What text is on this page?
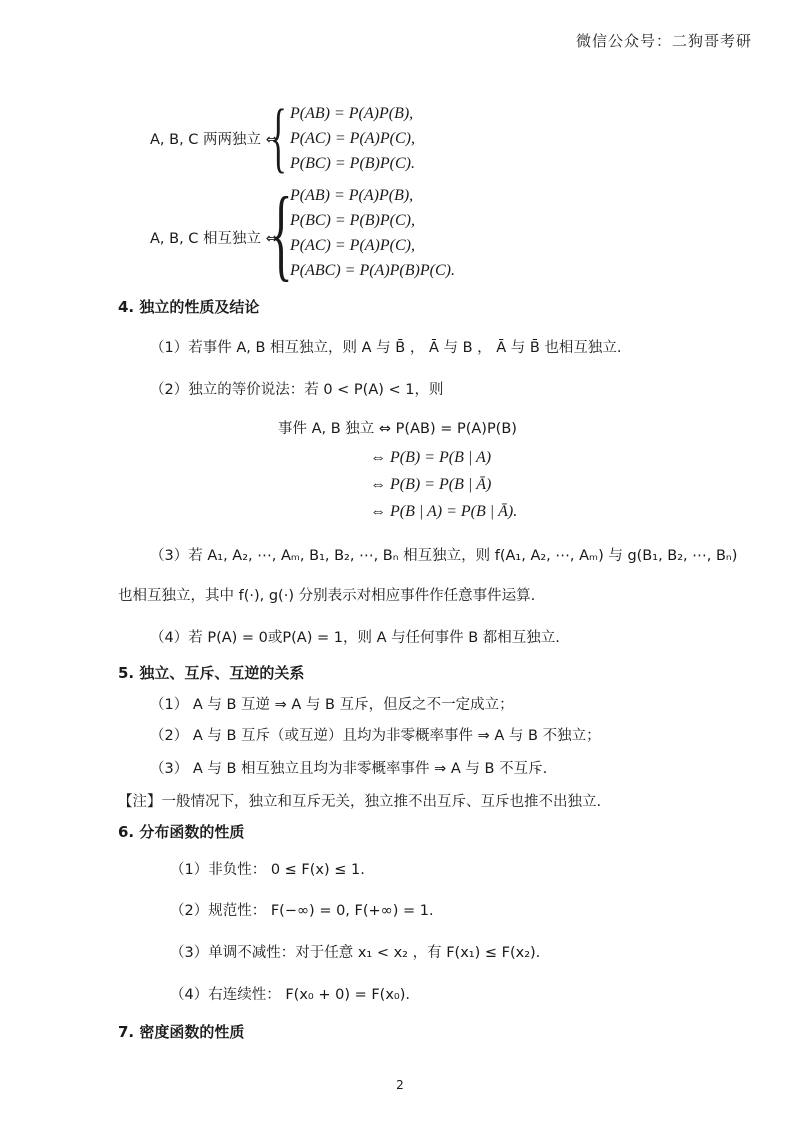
微信公众号：二狗哥考研
A, B, C 两两独立 ⇔
{ P(AB) = P(A)P(B),
P(AC) = P(A)P(C),
P(BC) = P(B)P(C).
A, B, C 相互独立 ⇔
{
P(AB) = P(A)P(B),
P(BC) = P(B)P(C),
P(AC) = P(A)P(C),
P(ABC) = P(A)P(B)P(C).
4. 独立的性质及结论
（1）若事件 A, B 相互独立，则 A 与 B̄ ， Ā 与 B ， Ā 与 B̄ 也相互独立.
（2）独立的等价说法：若 0 < P(A) < 1，则
事件 A, B 独立 ⇔ P(AB) = P(A)P(B)
⇔ P(B) = P(B | A)
⇔ P(B) = P(B | Ā)
⇔ P(B | A) = P(B | Ā).
（3）若 A₁, A₂, ⋯, Aₘ, B₁, B₂, ⋯, Bₙ 相互独立，则 f(A₁, A₂, ⋯, Aₘ) 与 g(B₁, B₂, ⋯, Bₙ)
也相互独立，其中 f(·), g(·) 分别表示对相应事件作任意事件运算.
（4）若 P(A) = 0或P(A) = 1，则 A 与任何事件 B 都相互独立.
5. 独立、互斥、互逆的关系
（1） A 与 B 互逆 ⇒ A 与 B 互斥，但反之不一定成立；
（2） A 与 B 互斥（或互逆）且均为非零概率事件 ⇒ A 与 B 不独立；
（3） A 与 B 相互独立且均为非零概率事件 ⇒ A 与 B 不互斥.
【注】一般情况下，独立和互斥无关，独立推不出互斥、互斥也推不出独立.
6. 分布函数的性质
（1）非负性： 0 ≤ F(x) ≤ 1.
（2）规范性： F(−∞) = 0, F(+∞) = 1.
（3）单调不减性：对于任意 x₁ < x₂ ，有 F(x₁) ≤ F(x₂).
（4）右连续性： F(x₀ + 0) = F(x₀).
7. 密度函数的性质
2
